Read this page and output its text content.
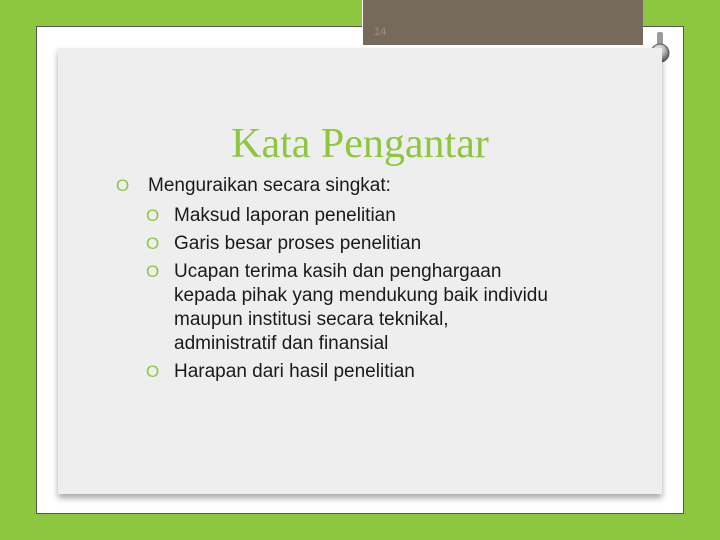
14
Kata Pengantar
O Menguraikan secara singkat:
O Maksud laporan penelitian
O Garis besar proses penelitian
O Ucapan terima kasih dan penghargaan kepada pihak yang mendukung baik individu maupun institusi secara teknikal, administratif dan finansial
O Harapan dari hasil penelitian
